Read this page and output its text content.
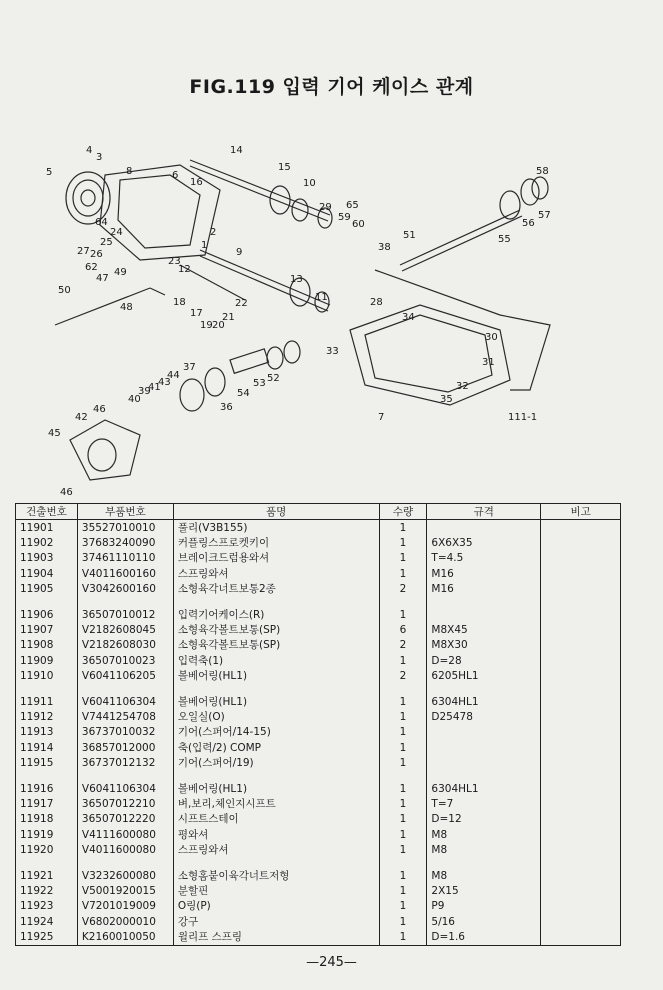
FIG.119 입력 기어 케이스 관계
5
4
3
8	6
16
14
15
10
29 65
59
60
58
57
56
55
51
38
28
34
31
30
32
35
111-1
7
33
11
13
9
12
23
2
1
64
25
24
27 26
62
47
49
50
48	18
17
19 20
21
22
37
44
43
41
39
40
36
54
53 52
42
46
45
46
건출번호	부품번호	품명	수량	규격	비고
11901	35527010010	풀리(V3B155)	1		
11902	37683240090	커플링스프로켓키이	1	6X6X35	
11903	37461110110	브레이크드럼용와셔	1	T=4.5	
11904	V4011600160	스프링와셔	1	M16	
11905	V3042600160	소형육각너트보통2종	2	M16	

11906	36507010012	입력기어케이스(R)	1		
11907	V2182608045	소형육각볼트보통(SP)	6	M8X45	
11908	V2182608030	소형육각볼트보통(SP)	2	M8X30	
11909	36507010023	입력축(1)	1	D=28	
11910	V6041106205	볼베어링(HL1)	2	6205HL1	

11911	V6041106304	볼베어링(HL1)	1	6304HL1	
11912	V7441254708	오일실(O)	1	D25478	
11913	36737010032	기어(스퍼어/14-15)	1		
11914	36857012000	축(입력/2) COMP	1		
11915	36737012132	기어(스퍼어/19)	1		

11916	V6041106304	볼베어링(HL1)	1	6304HL1	
11917	36507012210	벼,보리,체인지시프트	1	T=7	
11918	36507012220	시프트스테이	1	D=12	
11919	V4111600080	평와셔	1	M8	
11920	V4011600080	스프링와셔	1	M8	

11921	V3232600080	소형홈붙이육각너트저형	1	M8	
11922	V5001920015	분할핀	1	2X15	
11923	V7201019009	O링(P)	1	P9	
11924	V6802000010	강구	1	5/16	
11925	K2160010050	윌리프 스프링	1	D=1.6	
—245—
